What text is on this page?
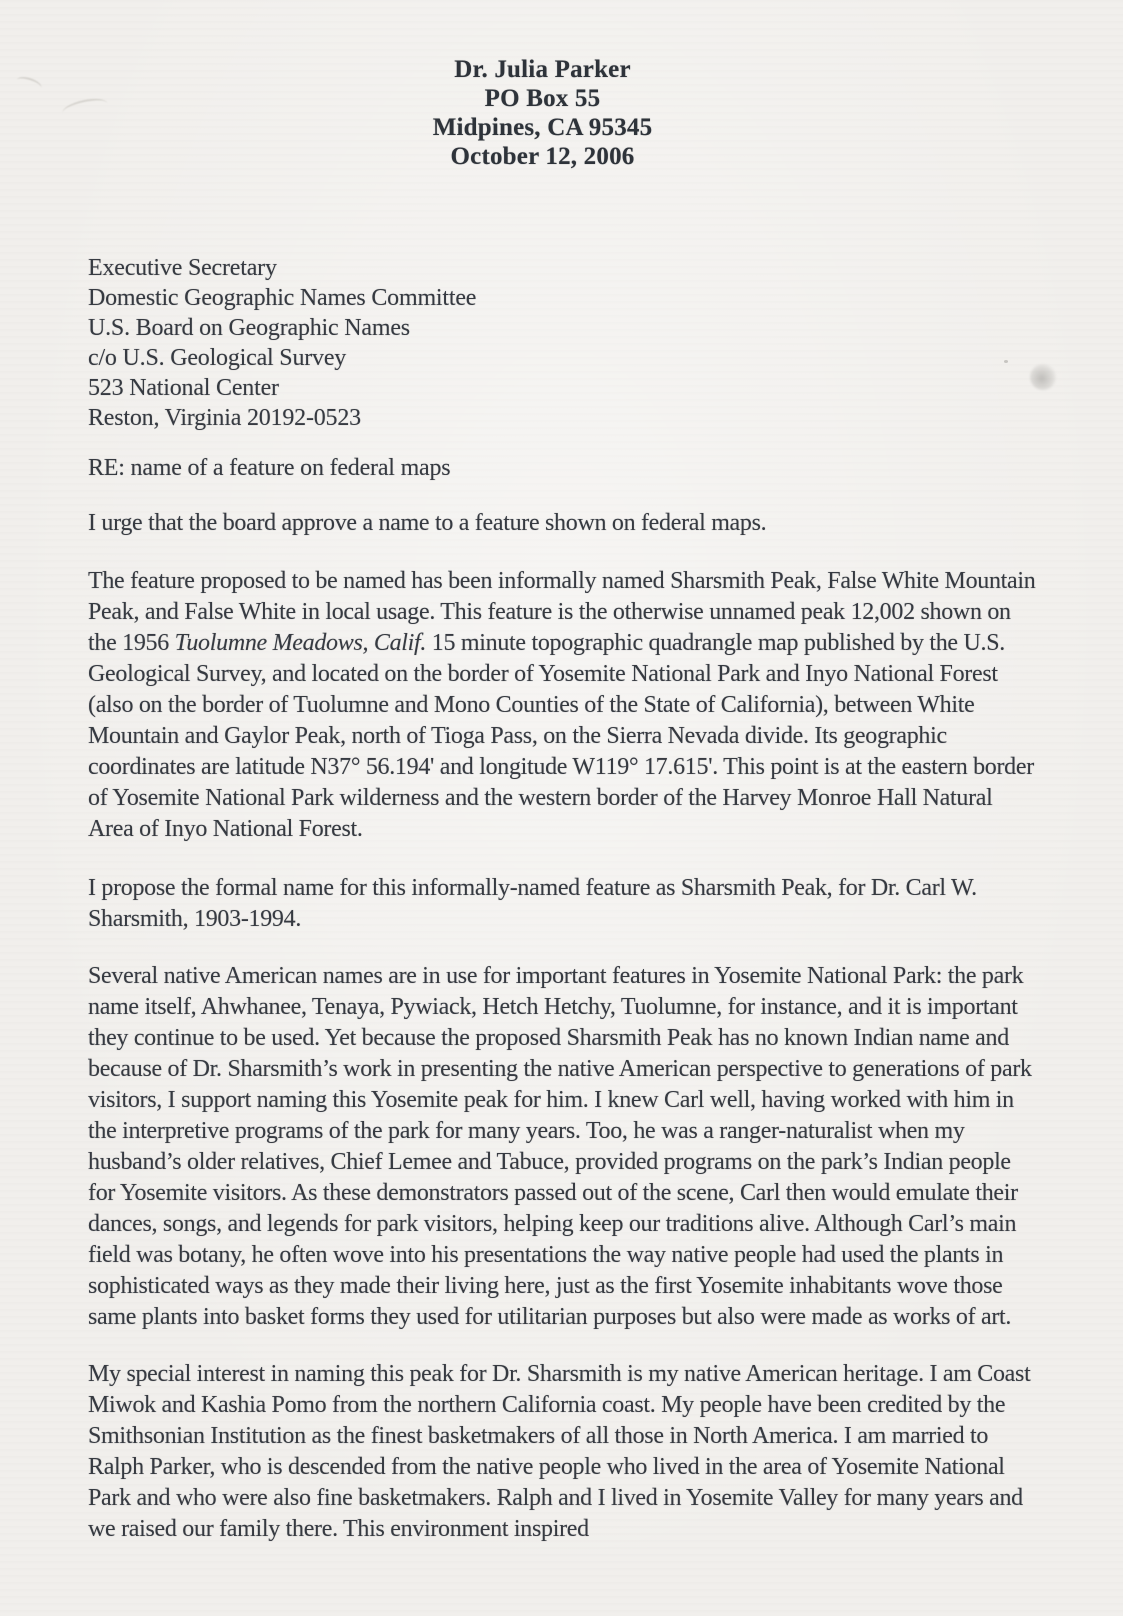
Dr. Julia Parker
PO Box 55
Midpines, CA 95345
October 12, 2006
Executive Secretary
Domestic Geographic Names Committee
U.S. Board on Geographic Names
c/o U.S. Geological Survey
523 National Center
Reston, Virginia 20192-0523
RE: name of a feature on federal maps

I urge that the board approve a name to a feature shown on federal maps.

The feature proposed to be named has been informally named Sharsmith Peak, False White Mountain Peak, and False White in local usage. This feature is the otherwise unnamed peak 12,002 shown on the 1956 Tuolumne Meadows, Calif. 15 minute topographic quadrangle map published by the U.S. Geological Survey, and located on the border of Yosemite National Park and Inyo National Forest (also on the border of Tuolumne and Mono Counties of the State of California), between White Mountain and Gaylor Peak, north of Tioga Pass, on the Sierra Nevada divide. Its geographic coordinates are latitude N37° 56.194' and longitude W119° 17.615'. This point is at the eastern border of Yosemite National Park wilderness and the western border of the Harvey Monroe Hall Natural Area of Inyo National Forest.

I propose the formal name for this informally-named feature as Sharsmith Peak, for Dr. Carl W. Sharsmith, 1903-1994.

Several native American names are in use for important features in Yosemite National Park: the park name itself, Ahwhanee, Tenaya, Pywiack, Hetch Hetchy, Tuolumne, for instance, and it is important they continue to be used. Yet because the proposed Sharsmith Peak has no known Indian name and because of Dr. Sharsmith’s work in presenting the native American perspective to generations of park visitors, I support naming this Yosemite peak for him. I knew Carl well, having worked with him in the interpretive programs of the park for many years. Too, he was a ranger-naturalist when my husband’s older relatives, Chief Lemee and Tabuce, provided programs on the park’s Indian people for Yosemite visitors. As these demonstrators passed out of the scene, Carl then would emulate their dances, songs, and legends for park visitors, helping keep our traditions alive. Although Carl’s main field was botany, he often wove into his presentations the way native people had used the plants in sophisticated ways as they made their living here, just as the first Yosemite inhabitants wove those same plants into basket forms they used for utilitarian purposes but also were made as works of art.

My special interest in naming this peak for Dr. Sharsmith is my native American heritage. I am Coast Miwok and Kashia Pomo from the northern California coast. My people have been credited by the Smithsonian Institution as the finest basketmakers of all those in North America. I am married to Ralph Parker, who is descended from the native people who lived in the area of Yosemite National Park and who were also fine basketmakers. Ralph and I lived in Yosemite Valley for many years and we raised our family there. This environment inspired
